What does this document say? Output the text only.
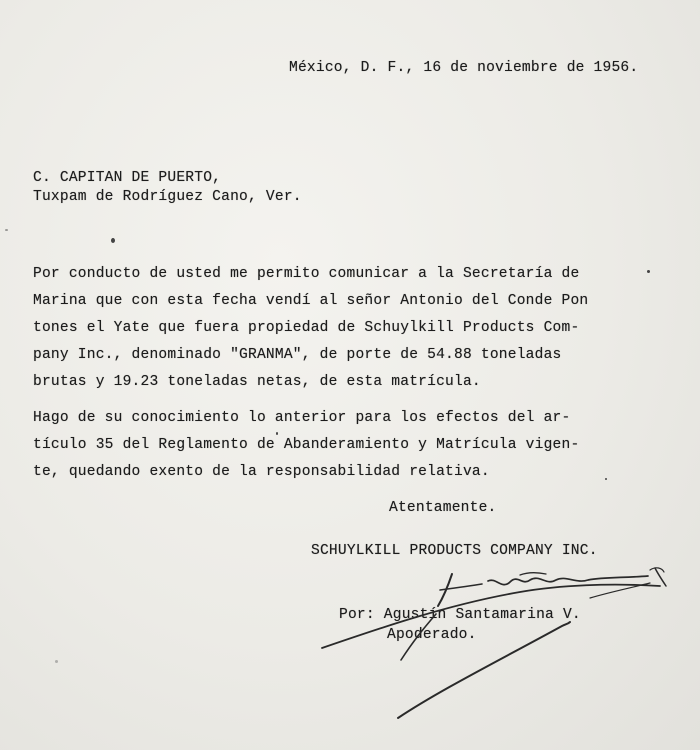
México, D. F., 16 de noviembre de 1956.
C. CAPITAN DE PUERTO,
Tuxpam de Rodríguez Cano, Ver.
Por conducto de usted me permito comunicar a la Secretaría de
Marina que con esta fecha vendí al señor Antonio del Conde Pon
tones el Yate que fuera propiedad de Schuylkill Products Com-
pany Inc., denominado "GRANMA", de porte de 54.88 toneladas
brutas y 19.23 toneladas netas, de esta matrícula.
Hago de su conocimiento lo anterior para los efectos del ar-
tículo 35 del Reglamento de Abanderamiento y Matrícula vigen-
te, quedando exento de la responsabilidad relativa.
Atentamente.
SCHUYLKILL PRODUCTS COMPANY INC.
Por: Agustín Santamarina V.
Apoderado.
